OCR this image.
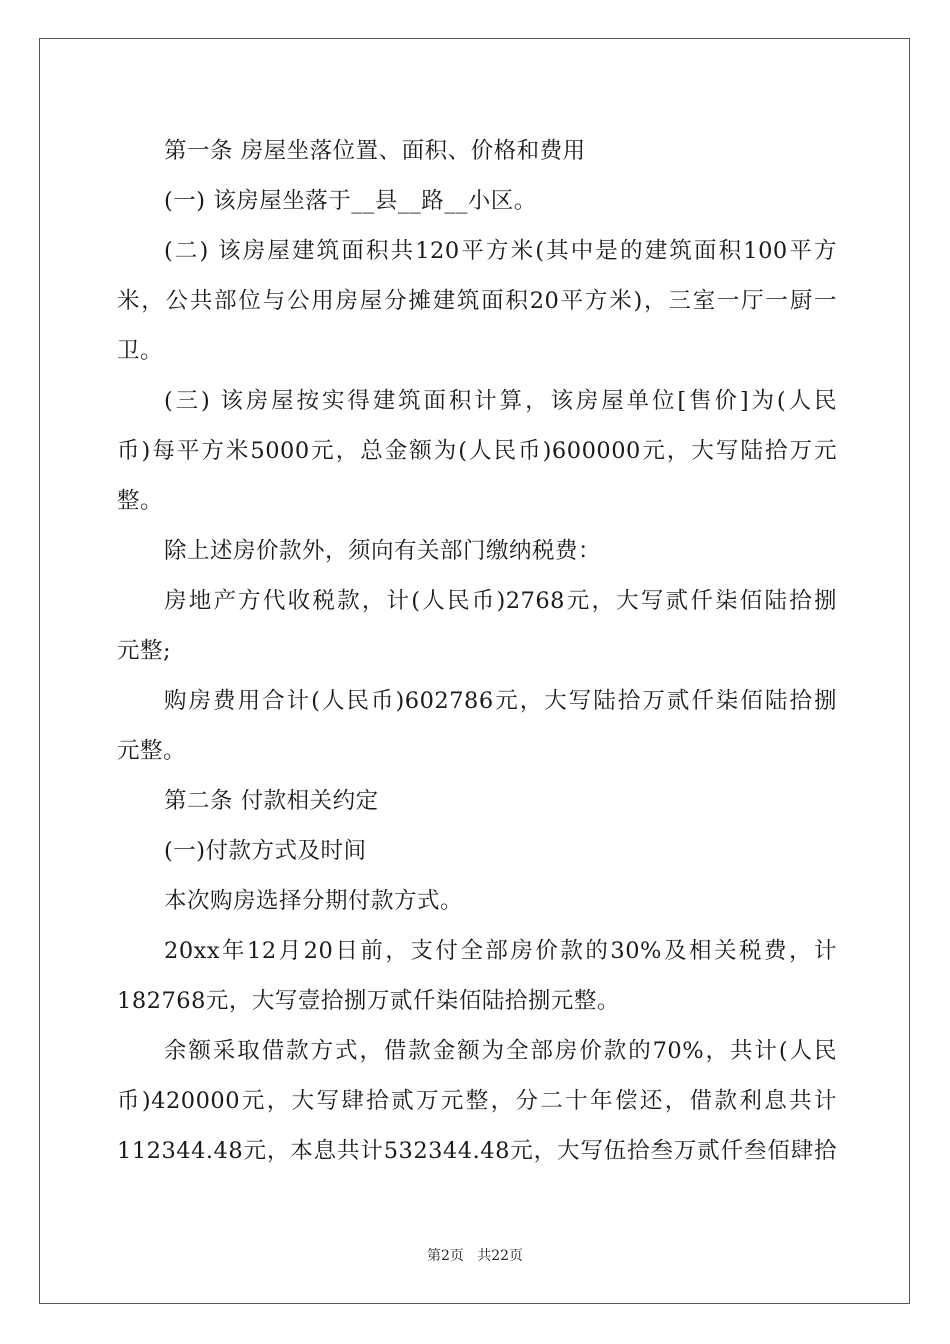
第一条 房屋坐落位置、面积、价格和费用
(一) 该房屋坐落于__县__路__小区。
(二) 该房屋建筑面积共120平方米(其中是的建筑面积100平方
米，公共部位与公用房屋分摊建筑面积20平方米)，三室一厅一厨一
卫。
(三) 该房屋按实得建筑面积计算，该房屋单位[售价]为(人民
币)每平方米5000元，总金额为(人民币)600000元，大写陆拾万元
整。
除上述房价款外，须向有关部门缴纳税费：
房地产方代收税款，计(人民币)2768元，大写贰仟柒佰陆拾捌
元整;
购房费用合计(人民币)602786元，大写陆拾万贰仟柒佰陆拾捌
元整。
第二条 付款相关约定
(一)付款方式及时间
本次购房选择分期付款方式。
20xx年12月20日前，支付全部房价款的30%及相关税费，计
182768元，大写壹拾捌万贰仟柒佰陆拾捌元整。
余额采取借款方式，借款金额为全部房价款的70%，共计(人民
币)420000元，大写肆拾贰万元整，分二十年偿还，借款利息共计
112344.48元，本息共计532344.48元，大写伍拾叁万贰仟叁佰肆拾
第2页   共22页
